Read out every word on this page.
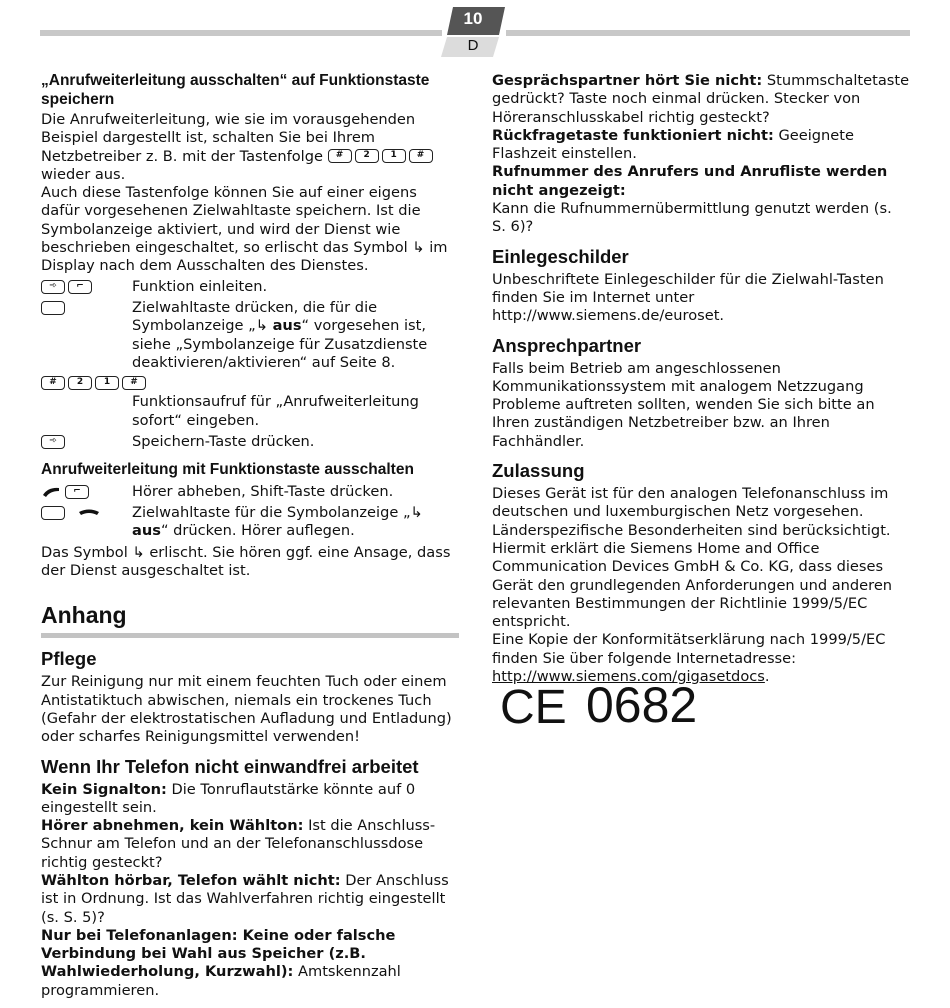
10
D

„Anrufweiterleitung ausschalten“ auf Funktionstaste speichern

Die Anrufweiterleitung, wie sie im vorausgehenden Beispiel dargestellt ist, schalten Sie bei Ihrem Netzbetreiber z. B. mit der Tastenfolge	#	2	1	#
wieder aus.

Auch diese Tastenfolge können Sie auf einer eigens dafür vorgesehenen Zielwahltaste speichern. Ist die Symbolanzeige aktiviert, und wird der Dienst wie beschrieben eingeschaltet, so erlischt das Symbol ↳ im Display nach dem Ausschalten des Dienstes.

➾	⌐	Funktion einleiten.
Zielwahltaste drücken, die für die Symbolanzeige „↳ aus“ vorgesehen ist, siehe „Symbolanzeige für Zusatzdienste deaktivieren/aktivieren“ auf Seite 8.
#	2	1	#
Funktionsaufruf für „Anrufweiterleitung sofort“ eingeben.
➾	Speichern-Taste drücken.

Anrufweiterleitung mit Funktionstaste ausschalten

⌐	Hörer abheben, Shift-Taste drücken.
Zielwahltaste für die Symbolanzeige „↳ aus“ drücken. Hörer auflegen.

Das Symbol ↳ erlischt. Sie hören ggf. eine Ansage, dass der Dienst ausgeschaltet ist.

Anhang

Pflege

Zur Reinigung nur mit einem feuchten Tuch oder einem Antistatiktuch abwischen, niemals ein trockenes Tuch (Gefahr der elektrostatischen Aufladung und Entladung) oder scharfes Reinigungsmittel verwenden!

Wenn Ihr Telefon nicht einwandfrei arbeitet

Kein Signalton: Die Tonruflautstärke könnte auf 0 eingestellt sein.

Hörer abnehmen, kein Wählton: Ist die Anschluss-Schnur am Telefon und an der Telefonanschlussdose richtig gesteckt?

Wählton hörbar, Telefon wählt nicht: Der Anschluss ist in Ordnung. Ist das Wahlverfahren richtig eingestellt (s. S. 5)?

Nur bei Telefonanlagen: Keine oder falsche Verbindung bei Wahl aus Speicher (z.B. Wahlwiederholung, Kurzwahl): Amtskennzahl programmieren.

Gesprächspartner hört Sie nicht: Stummschaltetaste gedrückt? Taste noch einmal drücken. Stecker von Höreranschlusskabel richtig gesteckt?

Rückfragetaste funktioniert nicht: Geeignete Flashzeit einstellen.

Rufnummer des Anrufers und Anrufliste werden nicht angezeigt:
Kann die Rufnummernübermittlung genutzt werden (s. S. 6)?

Einlegeschilder

Unbeschriftete Einlegeschilder für die Zielwahl-Tasten finden Sie im Internet unter http://www.siemens.de/euroset.

Ansprechpartner

Falls beim Betrieb am angeschlossenen Kommunikationssystem mit analogem Netzzugang Probleme auftreten sollten, wenden Sie sich bitte an Ihren zuständigen Netzbetreiber bzw. an Ihren Fachhändler.

Zulassung

Dieses Gerät ist für den analogen Telefonanschluss im deutschen und luxemburgischen Netz vorgesehen.

Länderspezifische Besonderheiten sind berücksichtigt.

Hiermit erklärt die Siemens Home and Office Communication Devices GmbH & Co. KG, dass dieses Gerät den grundlegenden Anforderungen und anderen relevanten Bestimmungen der Richtlinie 1999/5/EC entspricht.

Eine Kopie der Konformitätserklärung nach 1999/5/EC finden Sie über folgende Internetadresse:
http://www.siemens.com/gigasetdocs.

CE 0682
